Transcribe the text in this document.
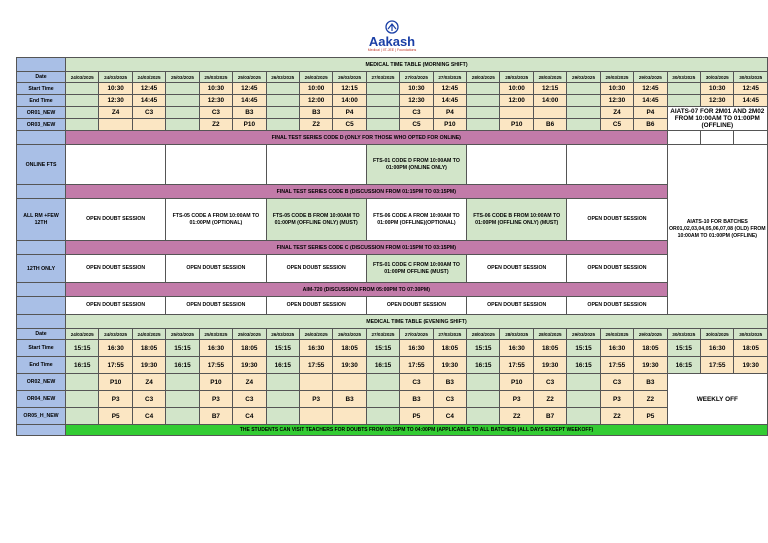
Aakash
Medical | IIT-JEE | Foundations
	MEDICAL TIME TABLE (MORNING SHIFT)																				
Date	24/03/2025	24/03/2025	24/03/2025	25/03/2025	25/03/2025	25/03/2025	26/03/2025	26/03/2025	26/03/2025	27/03/2025	27/03/2025	27/03/2025	28/03/2025	28/03/2025	28/03/2025	29/03/2025	29/03/2025	29/03/2025	30/03/2025	30/03/2025	30/03/2025
Start Time		10:30	12:45		10:30	12:45		10:00	12:15		10:30	12:45		10:00	12:15		10:30	12:45		10:30	12:45
End Time		12:30	14:45		12:30	14:45		12:00	14:00		12:30	14:45		12:00	14:00		12:30	14:45		12:30	14:45
OR01_NEW		Z4	C3		C3	B3		B3	P4		C3	P4					Z4	P4	AIATS-07 FOR 2M01 AND 2M02 FROM 10:00AM TO 01:00PM (OFFLINE)		
OR03_NEW					Z2	P10		Z2	C5		C5	P10		P10	B6		C5	B6			
	FINAL TEST SERIES CODE D (ONLY FOR THOSE WHO OPTED FOR ONLINE)																				
ONLINE FTS										FTS-01 CODE D FROM 10:00AM TO 01:00PM (ONLINE ONLY)									AIATS-10 FOR BATCHES OR01,02,03,04,05,06,07,08 (OLD) FROM 10:00AM TO 01:00PM (OFFLINE)		
	FINAL TEST SERIES CODE B (DISCUSSION FROM 01:15PM TO 03:15PM)																				
ALL RM +FEW 12TH	OPEN DOUBT SESSION			FTS-05 CODE A FROM 10:00AM TO 01:00PM (OPTIONAL)			FTS-05 CODE B FROM 10:00AM TO 01:00PM (OFFLINE ONLY) (MUST)			FTS-06 CODE A FROM 10:00AM TO 01:00PM (OFFLINE)(OPTIONAL)			FTS-06 CODE B FROM 10:00AM TO 01:00PM (OFFLINE ONLY) (MUST)			OPEN DOUBT SESSION					
	FINAL TEST SERIES CODE C (DISCUSSION FROM 01:15PM TO 03:15PM)																				
12TH ONLY	OPEN DOUBT SESSION			OPEN DOUBT SESSION			OPEN DOUBT SESSION			FTS-01 CODE C FROM 10:00AM TO 01:00PM OFFLINE (MUST)			OPEN DOUBT SESSION			OPEN DOUBT SESSION					
	AIM-720 (DISCUSSION FROM 05:00PM TO 07:30PM)																				
	OPEN DOUBT SESSION			OPEN DOUBT SESSION			OPEN DOUBT SESSION			OPEN DOUBT SESSION			OPEN DOUBT SESSION			OPEN DOUBT SESSION					
	MEDICAL TIME TABLE (EVENING SHIFT)																				
Date	24/03/2025	24/03/2025	24/03/2025	25/03/2025	25/03/2025	25/03/2025	26/03/2025	26/03/2025	26/03/2025	27/03/2025	27/03/2025	27/03/2025	28/03/2025	28/03/2025	28/03/2025	29/03/2025	29/03/2025	29/03/2025	30/03/2025	30/03/2025	30/03/2025
Start Time	15:15	16:30	18:05	15:15	16:30	18:05	15:15	16:30	18:05	15:15	16:30	18:05	15:15	16:30	18:05	15:15	16:30	18:05	15:15	16:30	18:05
End Time	16:15	17:55	19:30	16:15	17:55	19:30	16:15	17:55	19:30	16:15	17:55	19:30	16:15	17:55	19:30	16:15	17:55	19:30	16:15	17:55	19:30
OR02_NEW		P10	Z4		P10	Z4					C3	B3		P10	C3		C3	B3	WEEKLY OFF		
OR04_NEW		P3	C3		P3	C3		P3	B3		B3	C3		P3	Z2		P3	Z2			
OR05_H_NEW		P5	C4		B7	C4					P5	C4		Z2	B7		Z2	P5			
	THE STUDENTS CAN VISIT TEACHERS FOR DOUBTS FROM 03:15PM TO 04:00PM (APPLICABLE TO ALL BATCHES) (ALL DAYS EXCEPT WEEKOFF)																				
